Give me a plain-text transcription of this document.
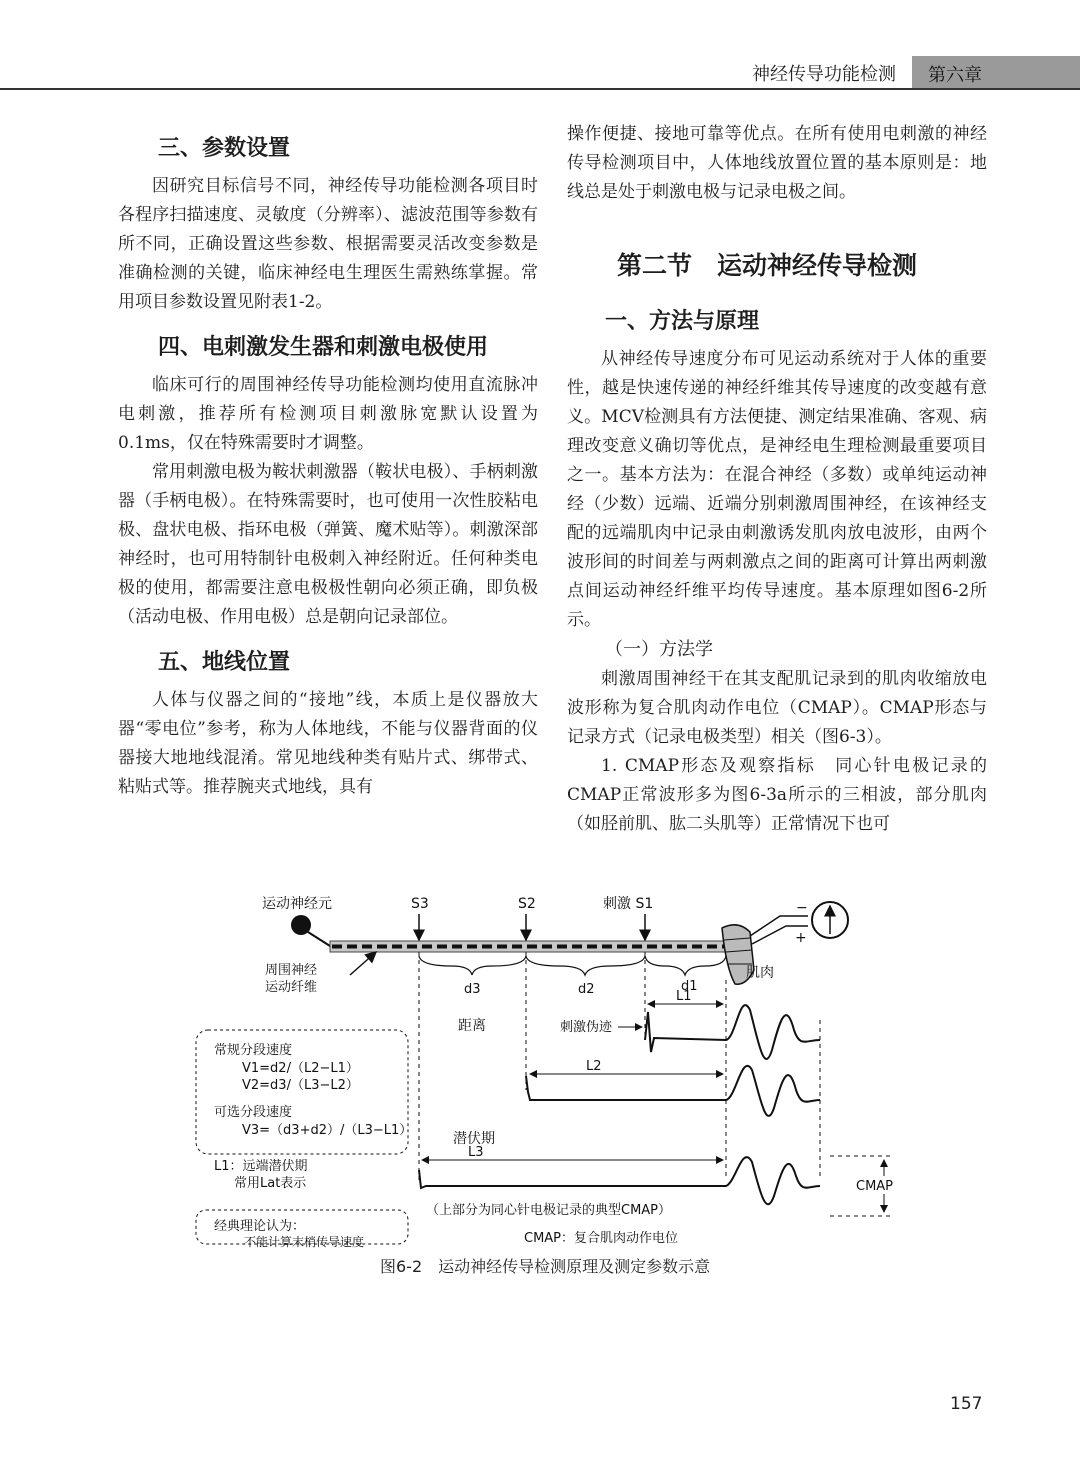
神经传导功能检测 第六章
三、参数设置

因研究目标信号不同，神经传导功能检测各项目时各程序扫描速度、灵敏度（分辨率）、滤波范围等参数有所不同，正确设置这些参数、根据需要灵活改变参数是准确检测的关键，临床神经电生理医生需熟练掌握。常用项目参数设置见附表1-2。

四、电刺激发生器和刺激电极使用

临床可行的周围神经传导功能检测均使用直流脉冲电刺激，推荐所有检测项目刺激脉宽默认设置为0.1ms，仅在特殊需要时才调整。

常用刺激电极为鞍状刺激器（鞍状电极）、手柄刺激器（手柄电极）。在特殊需要时，也可使用一次性胶粘电极、盘状电极、指环电极（弹簧、魔术贴等）。刺激深部神经时，也可用特制针电极刺入神经附近。任何种类电极的使用，都需要注意电极极性朝向必须正确，即负极（活动电极、作用电极）总是朝向记录部位。

五、地线位置

人体与仪器之间的“接地”线，本质上是仪器放大器“零电位”参考，称为人体地线，不能与仪器背面的仪器接大地地线混淆。常见地线种类有贴片式、绑带式、粘贴式等。推荐腕夹式地线，具有

操作便捷、接地可靠等优点。在所有使用电刺激的神经传导检测项目中，人体地线放置位置的基本原则是：地线总是处于刺激电极与记录电极之间。

第二节　运动神经传导检测
一、方法与原理

从神经传导速度分布可见运动系统对于人体的重要性，越是快速传递的神经纤维其传导速度的改变越有意义。MCV检测具有方法便捷、测定结果准确、客观、病理改变意义确切等优点，是神经电生理检测最重要项目之一。基本方法为：在混合神经（多数）或单纯运动神经（少数）远端、近端分别刺激周围神经，在该神经支配的远端肌肉中记录由刺激诱发肌肉放电波形，由两个波形间的时间差与两刺激点之间的距离可计算出两刺激点间运动神经纤维平均传导速度。基本原理如图6-2所示。

（一）方法学

刺激周围神经干在其支配肌记录到的肌肉收缩放电波形称为复合肌肉动作电位（CMAP）。CMAP形态与记录方式（记录电极类型）相关（图6-3）。

1. CMAP形态及观察指标　同心针电极记录的CMAP正常波形多为图6-3a所示的三相波，部分肌肉（如胫前肌、肱二头肌等）正常情况下也可

运动神经元	S3	S2	刺激 S1
肌肉
−
+
周围神经
运动纤维	d3	d2	d1
距离
L1
刺激伪迹
L2
潜伏期
L3
CMAP
常规分段速度
V1=d2/（L2−L1）
V2=d3/（L3−L2）
可选分段速度
V3=（d3+d2）/（L3−L1）
L1：远端潜伏期
常用Lat表示
经典理论认为：
不能计算末梢传导速度
（上部分为同心针电极记录的典型CMAP）
CMAP：复合肌肉动作电位
图6-2　运动神经传导检测原理及测定参数示意
157
